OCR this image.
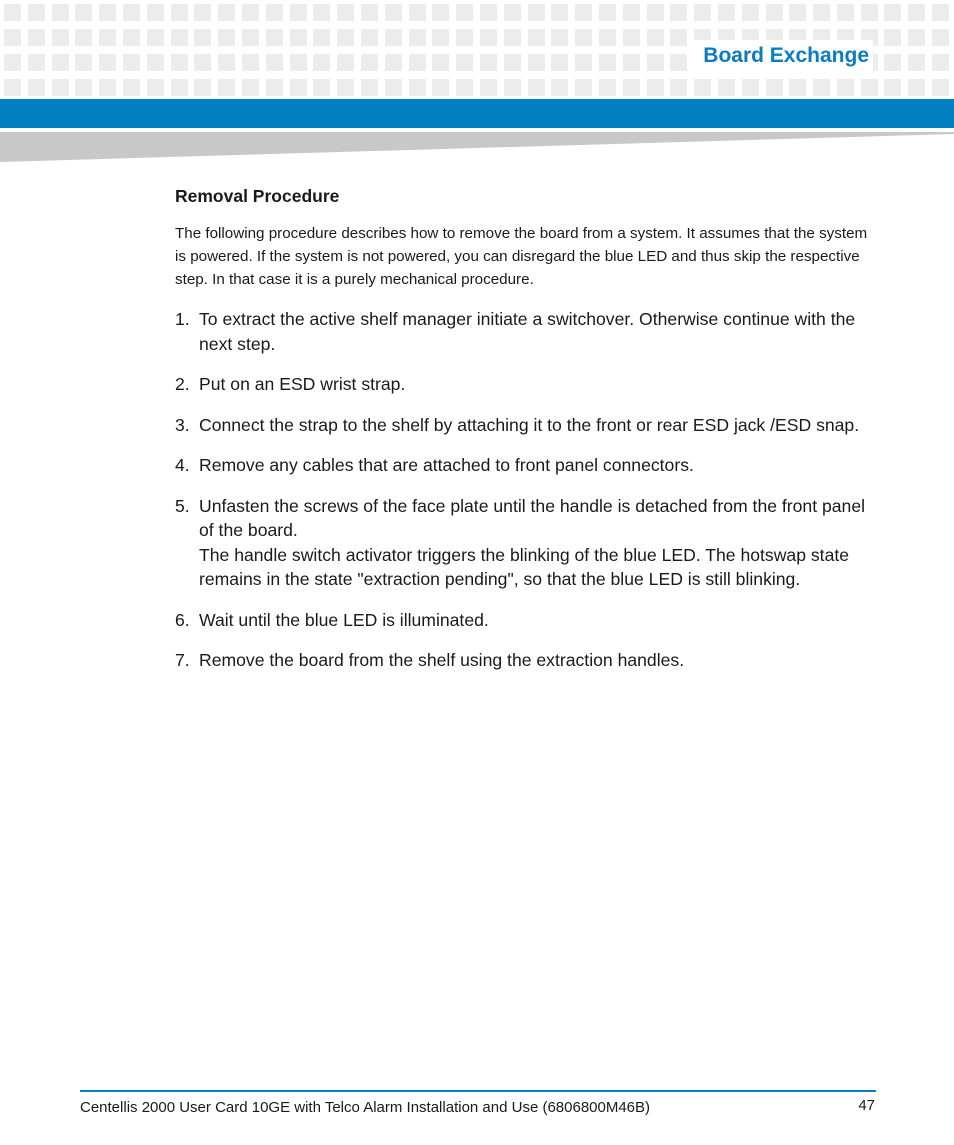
Board Exchange
Removal Procedure

The following procedure describes how to remove the board from a system. It assumes that the system is powered. If the system is not powered, you can disregard the blue LED and thus skip the respective step. In that case it is a purely mechanical procedure.

1. To extract the active shelf manager initiate a switchover. Otherwise continue with the next step.
2. Put on an ESD wrist strap.
3. Connect the strap to the shelf by attaching it to the front or rear ESD jack /ESD snap.
4. Remove any cables that are attached to front panel connectors.
5. Unfasten the screws of the face plate until the handle is detached from the front panel of the board.
The handle switch activator triggers the blinking of the blue LED. The hotswap state remains in the state "extraction pending", so that the blue LED is still blinking.
6. Wait until the blue LED is illuminated.
7. Remove the board from the shelf using the extraction handles.
Centellis 2000 User Card 10GE with Telco Alarm Installation and Use (6806800M46B)	47
